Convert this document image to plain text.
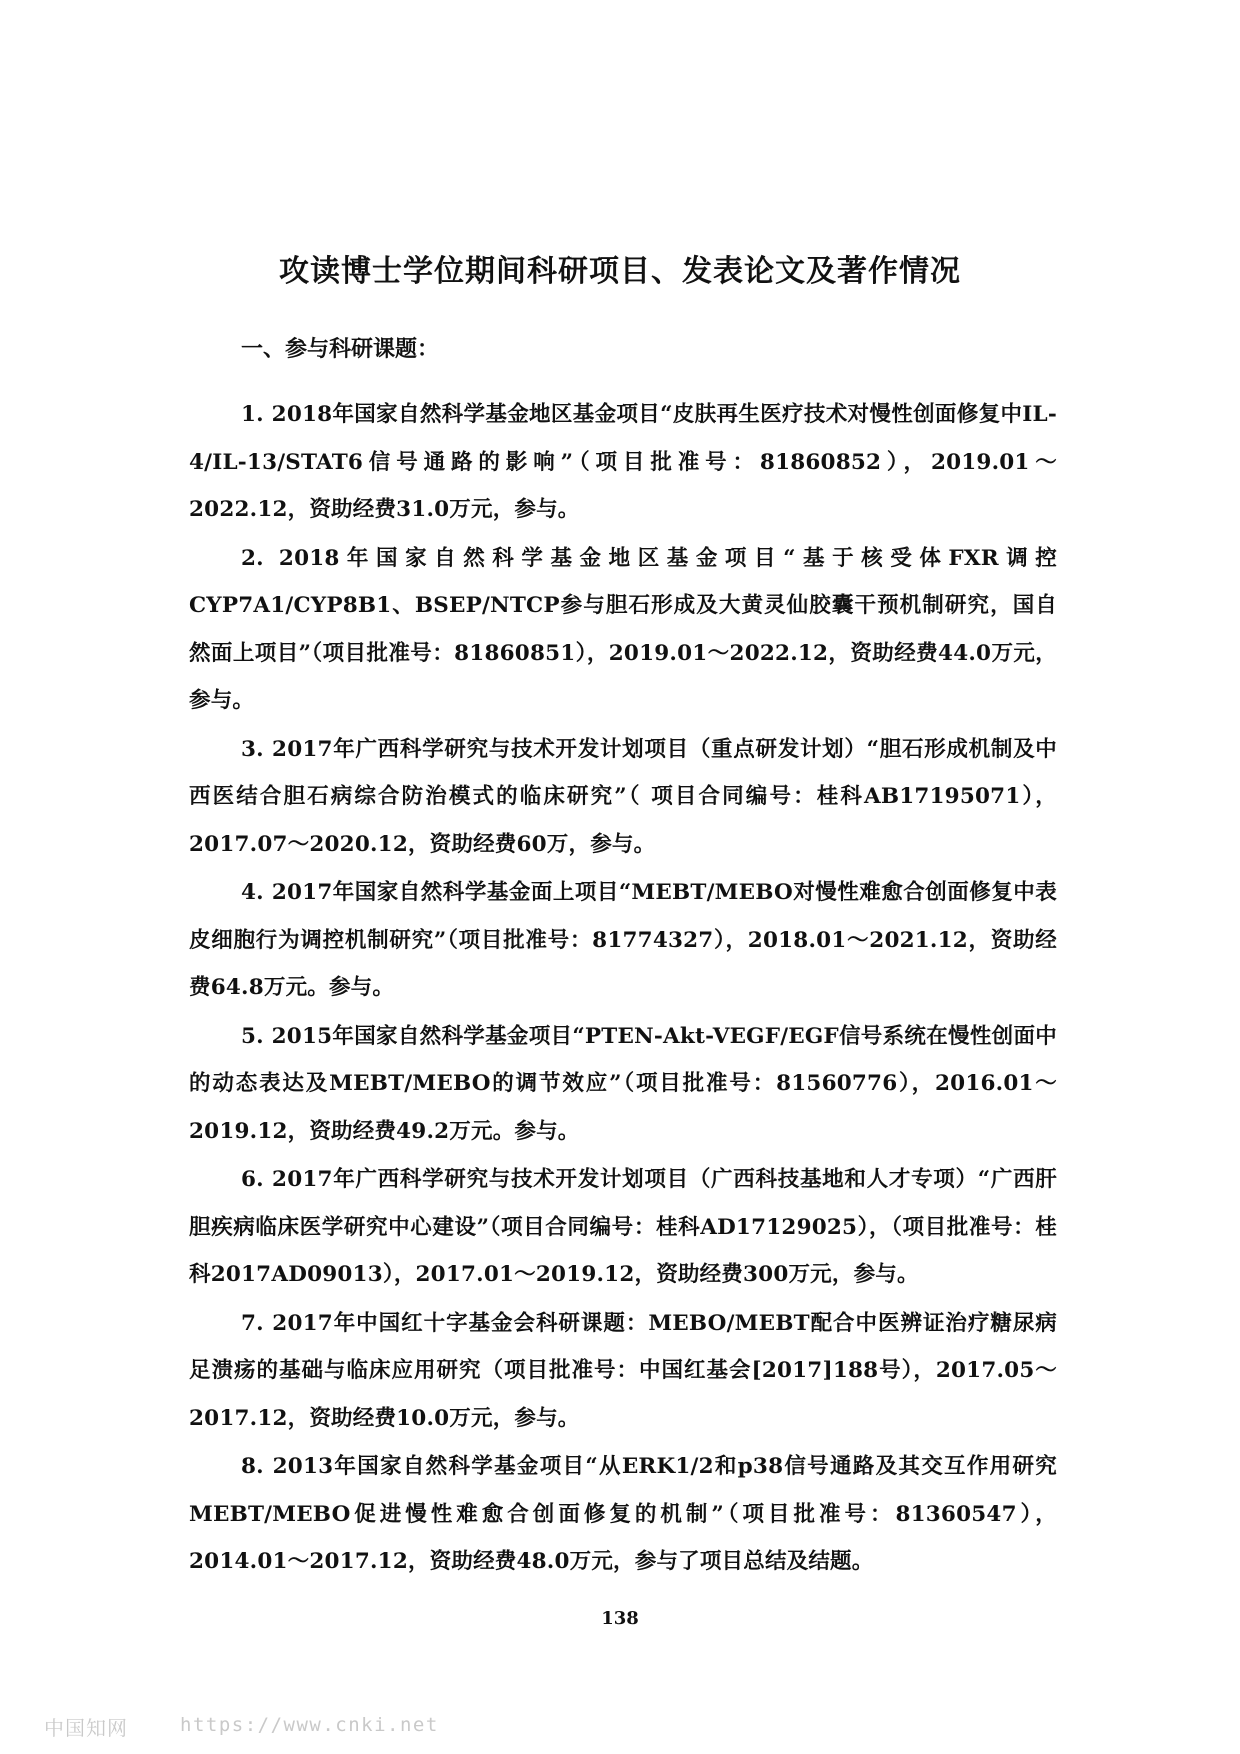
攻读博士学位期间科研项目、发表论文及著作情况
一、参与科研课题：

1. 2018年国家自然科学基金地区基金项目“皮肤再生医疗技术对慢性创面修复中IL-4/IL-13/STAT6信号通路的影响”（项目批准号：81860852），2019.01～2022.12，资助经费31.0万元，参与。

2. 2018年国家自然科学基金地区基金项目“基于核受体FXR调控CYP7A1/CYP8B1、BSEP/NTCP参与胆石形成及大黄灵仙胶囊干预机制研究，国自然面上项目”（项目批准号：81860851），2019.01～2022.12，资助经费44.0万元，参与。

3. 2017年广西科学研究与技术开发计划项目（重点研发计划）“胆石形成机制及中西医结合胆石病综合防治模式的临床研究”（ 项目合同编号：桂科AB17195071），2017.07～2020.12，资助经费60万，参与。

4. 2017年国家自然科学基金面上项目“MEBT/MEBO对慢性难愈合创面修复中表皮细胞行为调控机制研究”（项目批准号：81774327），2018.01～2021.12，资助经费64.8万元。参与。

5. 2015年国家自然科学基金项目“PTEN-Akt-VEGF/EGF信号系统在慢性创面中的动态表达及MEBT/MEBO的调节效应”（项目批准号：81560776），2016.01～2019.12，资助经费49.2万元。参与。

6. 2017年广西科学研究与技术开发计划项目（广西科技基地和人才专项）“广西肝胆疾病临床医学研究中心建设”（项目合同编号：桂科AD17129025），（项目批准号：桂科2017AD09013），2017.01～2019.12，资助经费300万元，参与。

7. 2017年中国红十字基金会科研课题：MEBO/MEBT配合中医辨证治疗糖尿病足溃疡的基础与临床应用研究（项目批准号：中国红基会[2017]188号），2017.05～2017.12，资助经费10.0万元，参与。

8. 2013年国家自然科学基金项目“从ERK1/2和p38信号通路及其交互作用研究MEBT/MEBO促进慢性难愈合创面修复的机制”（项目批准号：81360547），2014.01～2017.12，资助经费48.0万元，参与了项目总结及结题。

138
中国知网	https://www.cnki.net
